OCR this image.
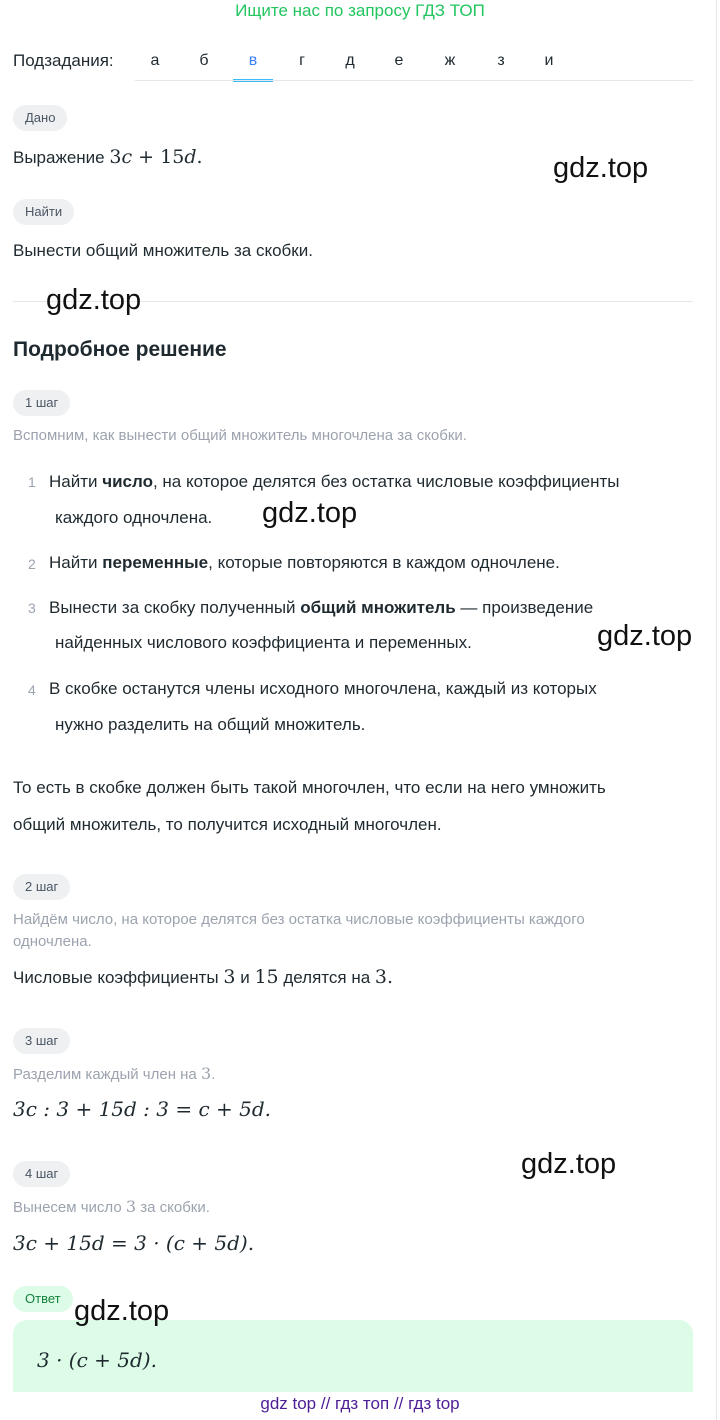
Ищите нас по запросу ГДЗ ТОП
Подзадания:	а	б	в	г	д	е	ж	з	и
Дано
Выражение 3c + 15d.
Найти
Вынести общий множитель за скобки.
Подробное решение
1 шаг
Вспомним, как вынести общий множитель многочлена за скобки.
1 Найти число, на которое делятся без остатка числовые коэффициенты
каждого одночлена.
2 Найти переменные, которые повторяются в каждом одночлене.
3 Вынести за скобку полученный общий множитель — произведение
найденных числового коэффициента и переменных.
4 В скобке останутся члены исходного многочлена, каждый из которых
нужно разделить на общий множитель.
То есть в скобке должен быть такой многочлен, что если на него умножить
общий множитель, то получится исходный многочлен.
2 шаг
Найдём число, на которое делятся без остатка числовые коэффициенты каждого
одночлена.
Числовые коэффициенты 3 и 15 делятся на 3.
3 шаг
Разделим каждый член на 3.
3c : 3 + 15d : 3 = c + 5d.
4 шаг
Вынесем число 3 за скобки.
3c + 15d = 3 · (c + 5d).
Ответ
3 · (c + 5d).
gdz.top
gdz.top
gdz.top
gdz.top
gdz.top
gdz.top
gdz top // гдз топ // гдз top
